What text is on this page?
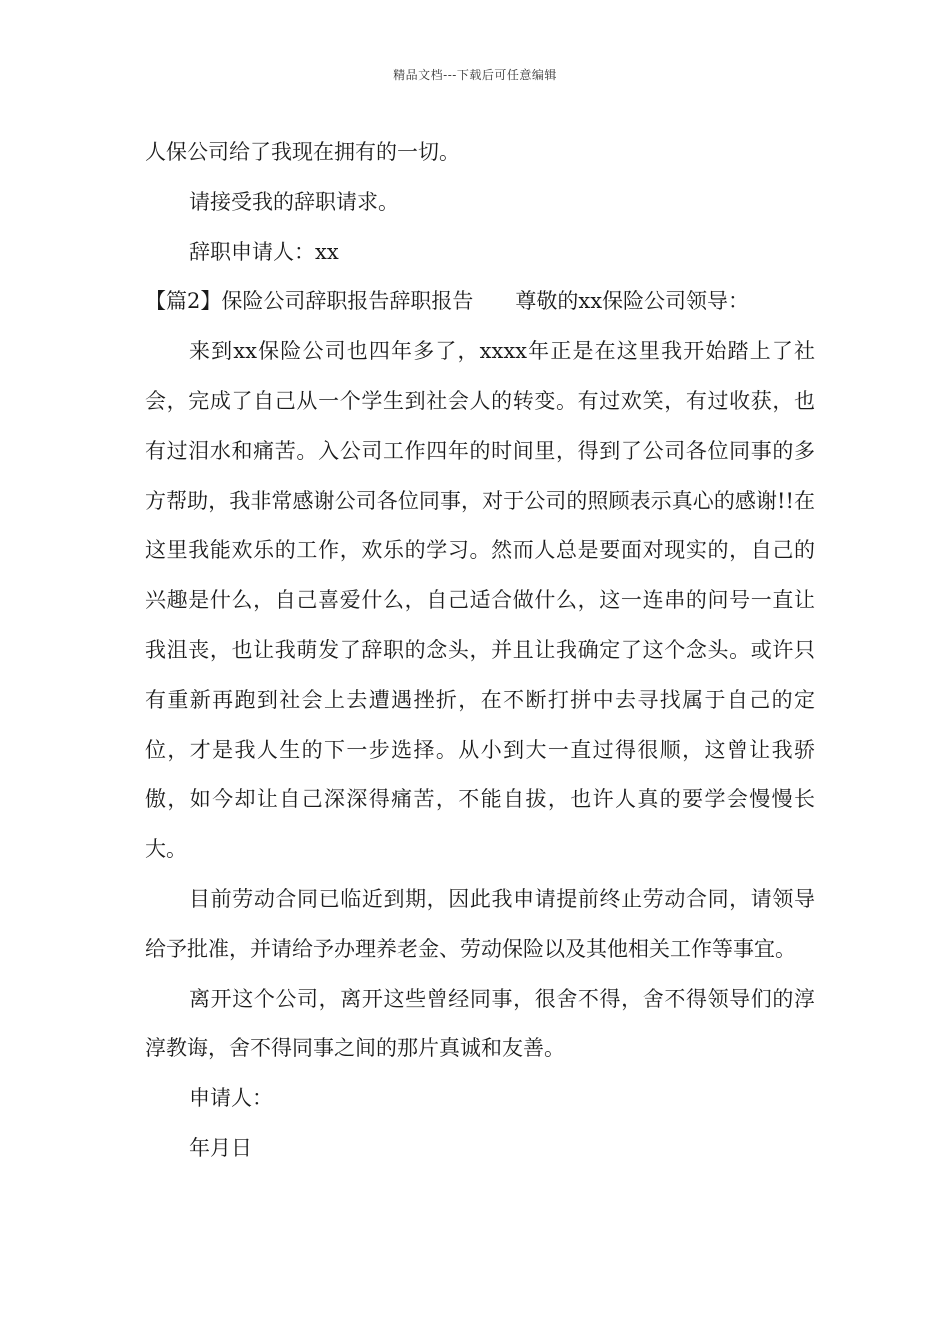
精品文档---下载后可任意编辑

人保公司给了我现在拥有的一切。

请接受我的辞职请求。

辞职申请人：xx

【篇2】保险公司辞职报告辞职报告 尊敬的xx保险公司领导：

来到xx保险公司也四年多了，xxxx年正是在这里我开始踏上了社会，完成了自己从一个学生到社会人的转变。有过欢笑，有过收获，也有过泪水和痛苦。入公司工作四年的时间里，得到了公司各位同事的多方帮助，我非常感谢公司各位同事，对于公司的照顾表示真心的感谢!!在这里我能欢乐的工作，欢乐的学习。然而人总是要面对现实的，自己的兴趣是什么，自己喜爱什么，自己适合做什么，这一连串的问号一直让我沮丧，也让我萌发了辞职的念头，并且让我确定了这个念头。或许只有重新再跑到社会上去遭遇挫折，在不断打拼中去寻找属于自己的定位，才是我人生的下一步选择。从小到大一直过得很顺，这曾让我骄傲，如今却让自己深深得痛苦，不能自拔，也许人真的要学会慢慢长大。

目前劳动合同已临近到期，因此我申请提前终止劳动合同，请领导给予批准，并请给予办理养老金、劳动保险以及其他相关工作等事宜。

离开这个公司，离开这些曾经同事，很舍不得，舍不得领导们的淳淳教诲，舍不得同事之间的那片真诚和友善。

申请人：

年月日
